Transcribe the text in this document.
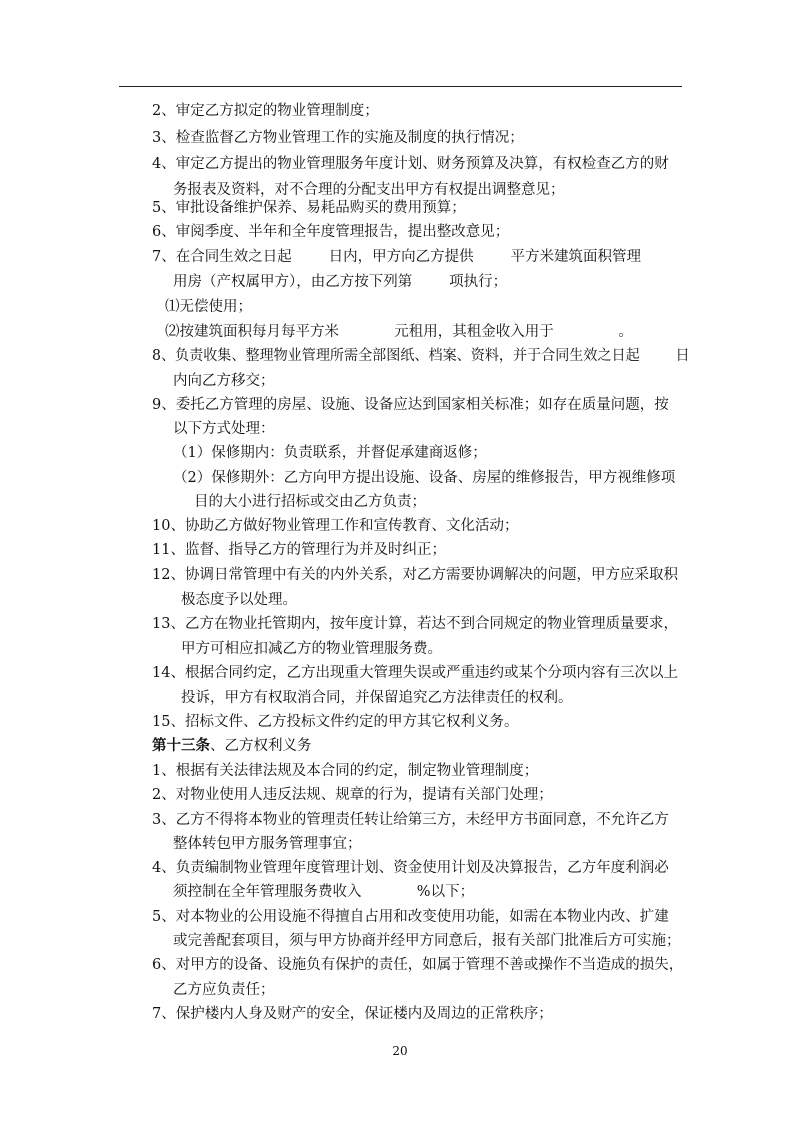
2、审定乙方拟定的物业管理制度；
3、检查监督乙方物业管理工作的实施及制度的执行情况；
4、审定乙方提出的物业管理服务年度计划、财务预算及决算，有权检查乙方的财
务报表及资料，对不合理的分配支出甲方有权提出调整意见；
5、审批设备维护保养、易耗品购买的费用预算；
6、审阅季度、半年和全年度管理报告，提出整改意见；
7、在合同生效之日起        日内，甲方向乙方提供        平方米建筑面积管理
用房（产权属甲方），由乙方按下列第        项执行；
⑴无偿使用；
⑵按建筑面积每月每平方米            元租用，其租金收入用于              。
8、负责收集、整理物业管理所需全部图纸、档案、资料，并于合同生效之日起        日
内向乙方移交；
9、委托乙方管理的房屋、设施、设备应达到国家相关标准；如存在质量问题，按
以下方式处理：
（1）保修期内：负责联系，并督促承建商返修；
（2）保修期外：乙方向甲方提出设施、设备、房屋的维修报告，甲方视维修项
目的大小进行招标或交由乙方负责；
10、协助乙方做好物业管理工作和宣传教育、文化活动；
11、监督、指导乙方的管理行为并及时纠正；
12、协调日常管理中有关的内外关系，对乙方需要协调解决的问题，甲方应采取积
极态度予以处理。
13、乙方在物业托管期内，按年度计算，若达不到合同规定的物业管理质量要求，
甲方可相应扣减乙方的物业管理服务费。
14、根据合同约定，乙方出现重大管理失误或严重违约或某个分项内容有三次以上
投诉，甲方有权取消合同，并保留追究乙方法律责任的权利。
15、招标文件、乙方投标文件约定的甲方其它权利义务。
第十三条、乙方权利义务
1、根据有关法律法规及本合同的约定，制定物业管理制度；
2、对物业使用人违反法规、规章的行为，提请有关部门处理；
3、乙方不得将本物业的管理责任转让给第三方，未经甲方书面同意，不允许乙方
整体转包甲方服务管理事宜；
4、负责编制物业管理年度管理计划、资金使用计划及决算报告，乙方年度利润必
须控制在全年管理服务费收入            %以下；
5、对本物业的公用设施不得擅自占用和改变使用功能，如需在本物业内改、扩建
或完善配套项目，须与甲方协商并经甲方同意后，报有关部门批准后方可实施；
6、对甲方的设备、设施负有保护的责任，如属于管理不善或操作不当造成的损失，
乙方应负责任；
7、保护楼内人身及财产的安全，保证楼内及周边的正常秩序；
20
